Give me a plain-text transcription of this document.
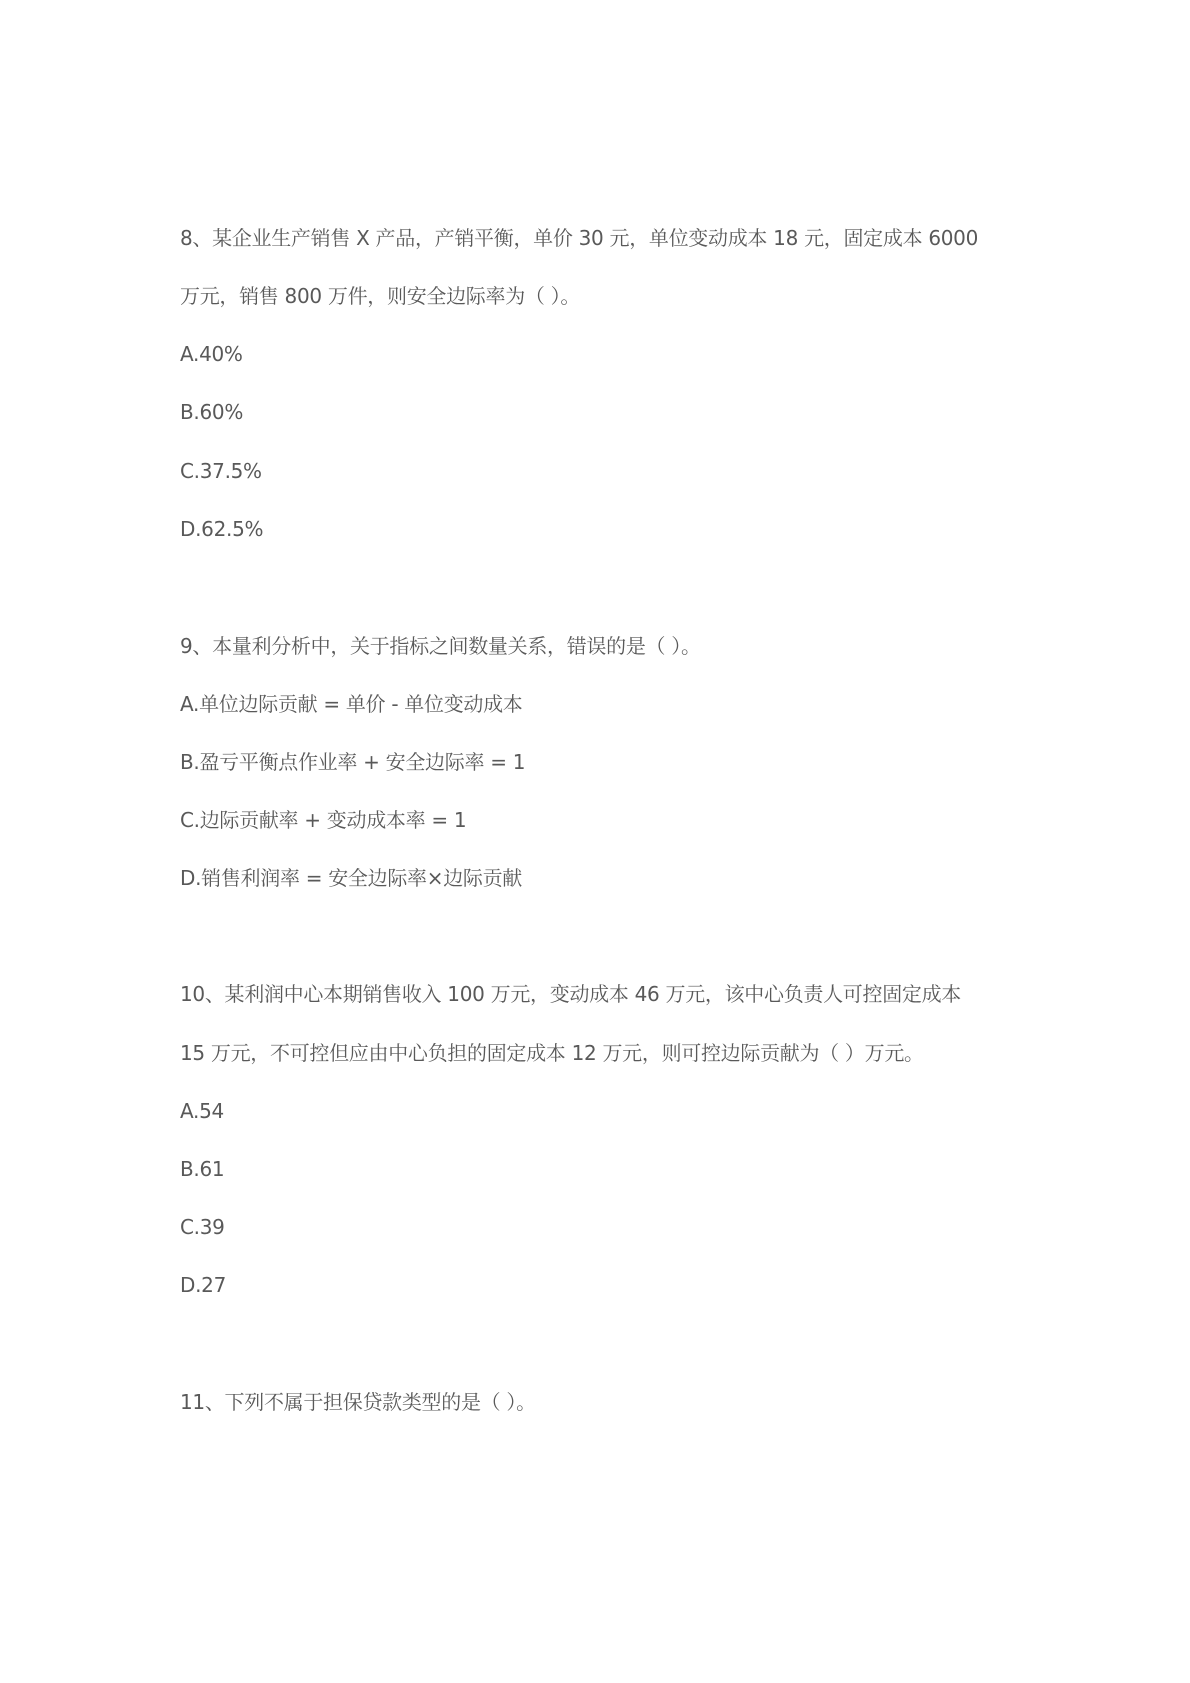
8、某企业生产销售 X 产品，产销平衡，单价 30 元，单位变动成本 18 元，固定成本 6000
万元，销售 800 万件，则安全边际率为（ ）。
A.40%
B.60%
C.37.5%
D.62.5%
9、本量利分析中，关于指标之间数量关系，错误的是（ ）。
A.单位边际贡献 = 单价 - 单位变动成本
B.盈亏平衡点作业率 + 安全边际率 = 1
C.边际贡献率 + 变动成本率 = 1
D.销售利润率 = 安全边际率×边际贡献
10、某利润中心本期销售收入 100 万元，变动成本 46 万元，该中心负责人可控固定成本
15 万元，不可控但应由中心负担的固定成本 12 万元，则可控边际贡献为（ ）万元。
A.54
B.61
C.39
D.27
11、下列不属于担保贷款类型的是（ ）。
